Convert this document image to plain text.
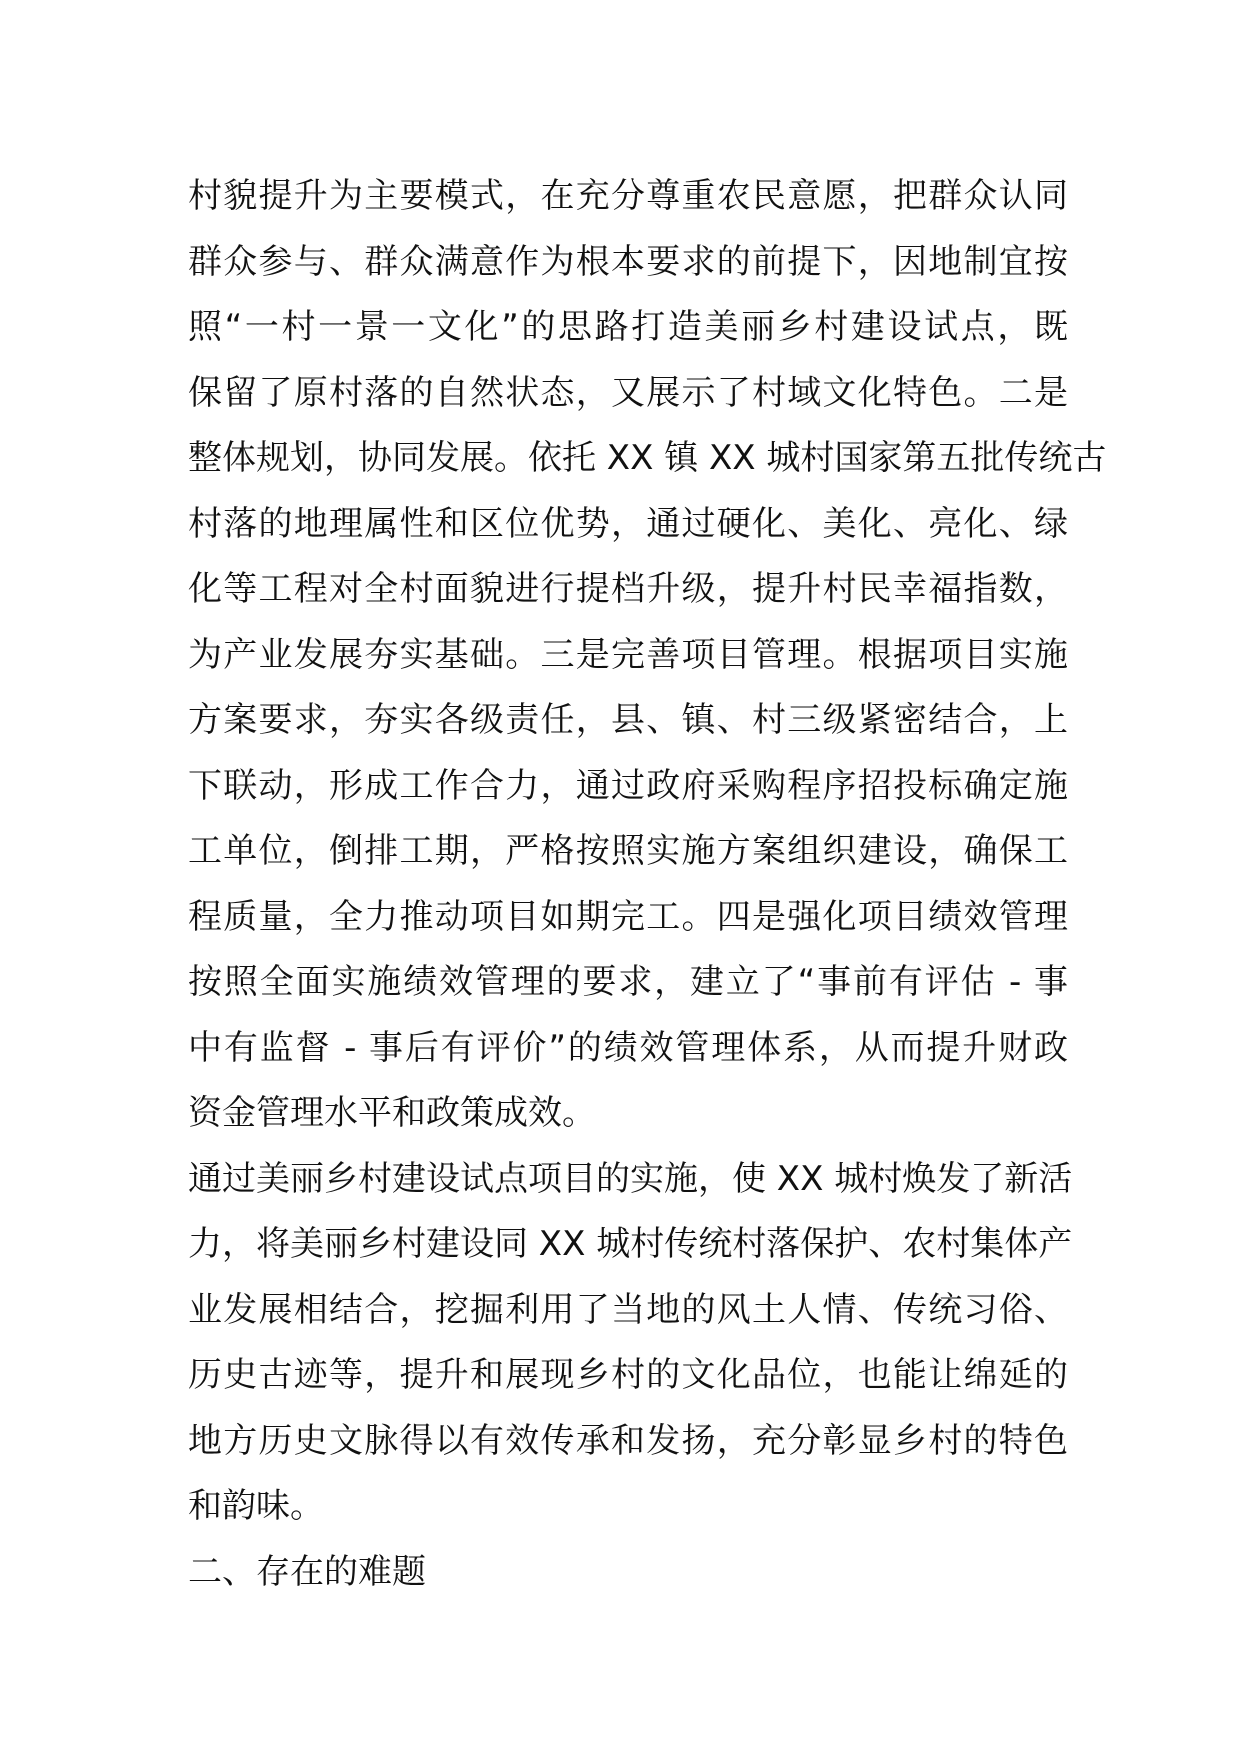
村貌提升为主要模式，在充分尊重农民意愿，把群众认同
群众参与、群众满意作为根本要求的前提下，因地制宜按
照“一村一景一文化”的思路打造美丽乡村建设试点，既
保留了原村落的自然状态，又展示了村域文化特色。二是
整体规划，协同发展。依托 XX 镇 XX 城村国家第五批传统古
村落的地理属性和区位优势，通过硬化、美化、亮化、绿
化等工程对全村面貌进行提档升级，提升村民幸福指数，
为产业发展夯实基础。三是完善项目管理。根据项目实施
方案要求，夯实各级责任，县、镇、村三级紧密结合，上
下联动，形成工作合力，通过政府采购程序招投标确定施
工单位，倒排工期，严格按照实施方案组织建设，确保工
程质量，全力推动项目如期完工。四是强化项目绩效管理
按照全面实施绩效管理的要求，建立了“事前有评估 - 事
中有监督 - 事后有评价”的绩效管理体系，从而提升财政
资金管理水平和政策成效。
通过美丽乡村建设试点项目的实施，使 XX 城村焕发了新活
力，将美丽乡村建设同 XX 城村传统村落保护、农村集体产
业发展相结合，挖掘利用了当地的风土人情、传统习俗、
历史古迹等，提升和展现乡村的文化品位，也能让绵延的
地方历史文脉得以有效传承和发扬，充分彰显乡村的特色
和韵味。
二、存在的难题
